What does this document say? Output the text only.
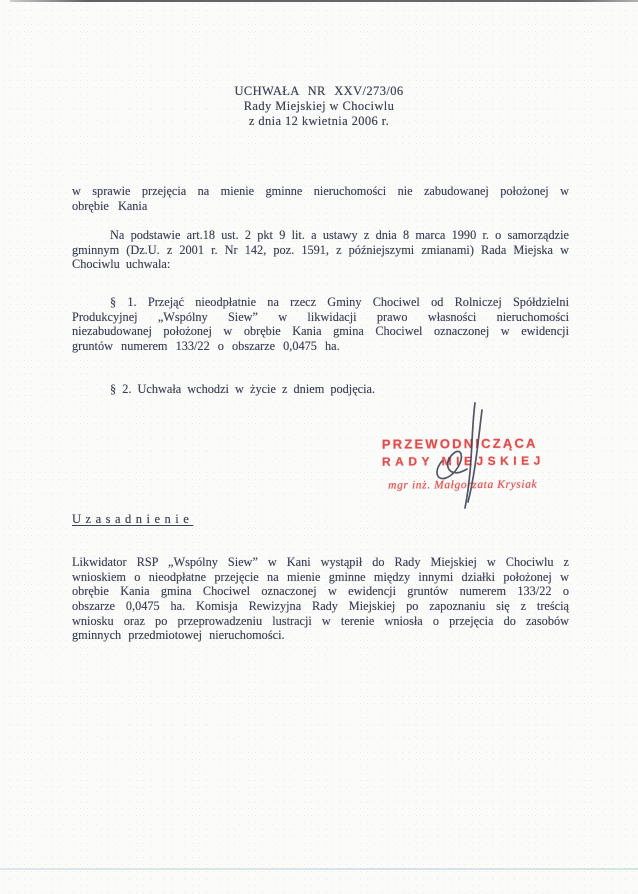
UCHWAŁA NR XXV/273/06
Rady Miejskiej w Chociwlu
z dnia 12 kwietnia 2006 r.

w sprawie przejęcia na mienie gminne nieruchomości nie zabudowanej położonej w obrębie Kania

Na podstawie art.18 ust. 2 pkt 9 lit. a ustawy z dnia 8 marca 1990 r. o samorządzie gminnym (Dz.U. z 2001 r. Nr 142, poz. 1591, z późniejszymi zmianami) Rada Miejska w Chociwlu uchwala:

§ 1. Przejąć nieodpłatnie na rzecz Gminy Chociwel od Rolniczej Spółdzielni Produkcyjnej „Wspólny Siew” w likwidacji prawo własności nieruchomości niezabudowanej położonej w obrębie Kania gmina Chociwel oznaczonej w ewidencji gruntów numerem 133/22 o obszarze 0,0475 ha.

§ 2. Uchwała wchodzi w życie z dniem podjęcia.

PRZEWODNICZĄCA
RADY MIEJSKIEJ
mgr inż. Małgorzata Krysiak
Uzasadnienie

Likwidator RSP „Wspólny Siew” w Kani wystąpił do Rady Miejskiej w Chociwlu z wnioskiem o nieodpłatne przejęcie na mienie gminne między innymi działki położonej w obrębie Kania gmina Chociwel oznaczonej w ewidencji gruntów numerem 133/22 o obszarze 0,0475 ha. Komisja Rewizyjna Rady Miejskiej po zapoznaniu się z treścią wniosku oraz po przeprowadzeniu lustracji w terenie wniosła o przejęcia do zasobów gminnych przedmiotowej nieruchomości.
